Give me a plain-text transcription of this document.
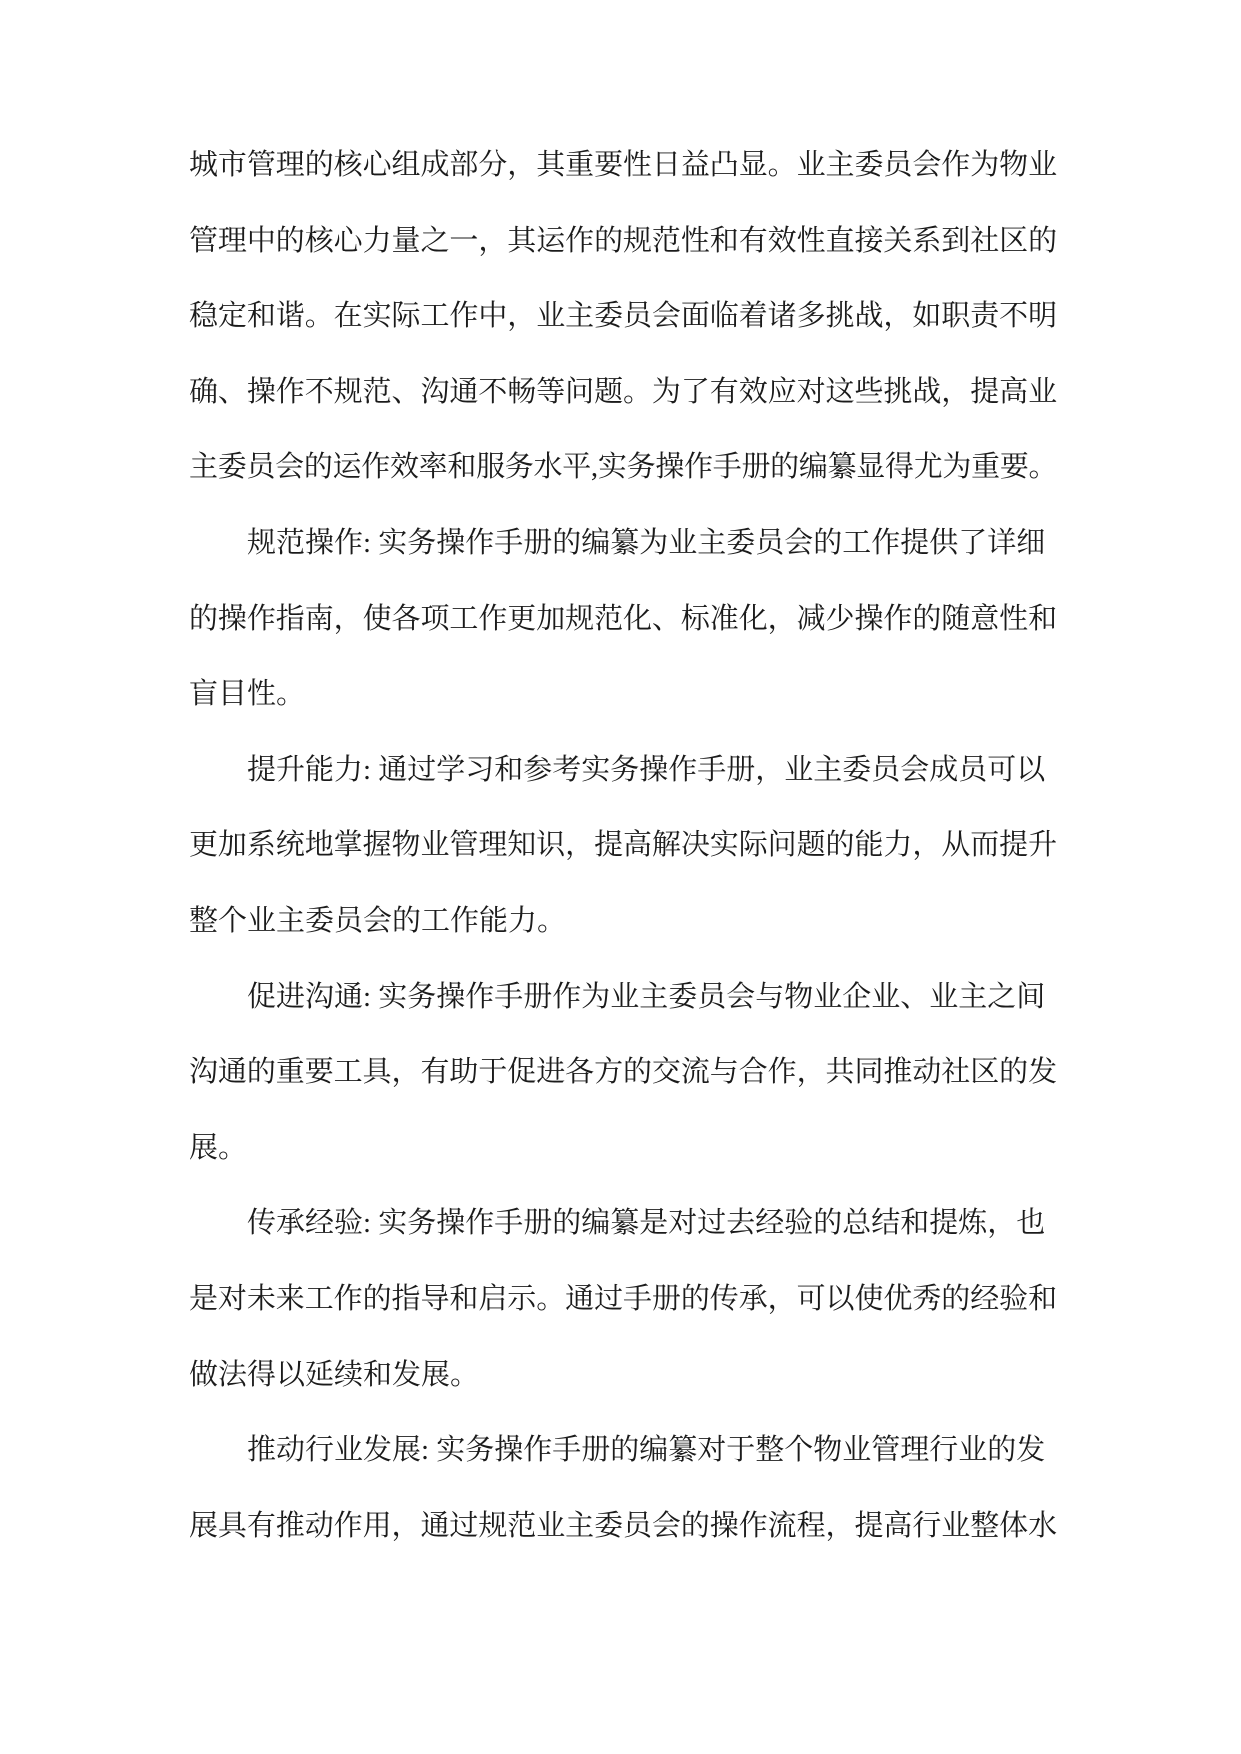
城市管理的核心组成部分，其重要性日益凸显。业主委员会作为物业
管理中的核心力量之一，其运作的规范性和有效性直接关系到社区的
稳定和谐。在实际工作中，业主委员会面临着诸多挑战，如职责不明
确、操作不规范、沟通不畅等问题。为了有效应对这些挑战，提高业
主委员会的运作效率和服务水平,实务操作手册的编纂显得尤为重要。
规范操作: 实务操作手册的编纂为业主委员会的工作提供了详细
的操作指南，使各项工作更加规范化、标准化，减少操作的随意性和
盲目性。
提升能力: 通过学习和参考实务操作手册，业主委员会成员可以
更加系统地掌握物业管理知识，提高解决实际问题的能力，从而提升
整个业主委员会的工作能力。
促进沟通: 实务操作手册作为业主委员会与物业企业、业主之间
沟通的重要工具，有助于促进各方的交流与合作，共同推动社区的发
展。
传承经验: 实务操作手册的编纂是对过去经验的总结和提炼，也
是对未来工作的指导和启示。通过手册的传承，可以使优秀的经验和
做法得以延续和发展。
推动行业发展: 实务操作手册的编纂对于整个物业管理行业的发
展具有推动作用，通过规范业主委员会的操作流程，提高行业整体水
